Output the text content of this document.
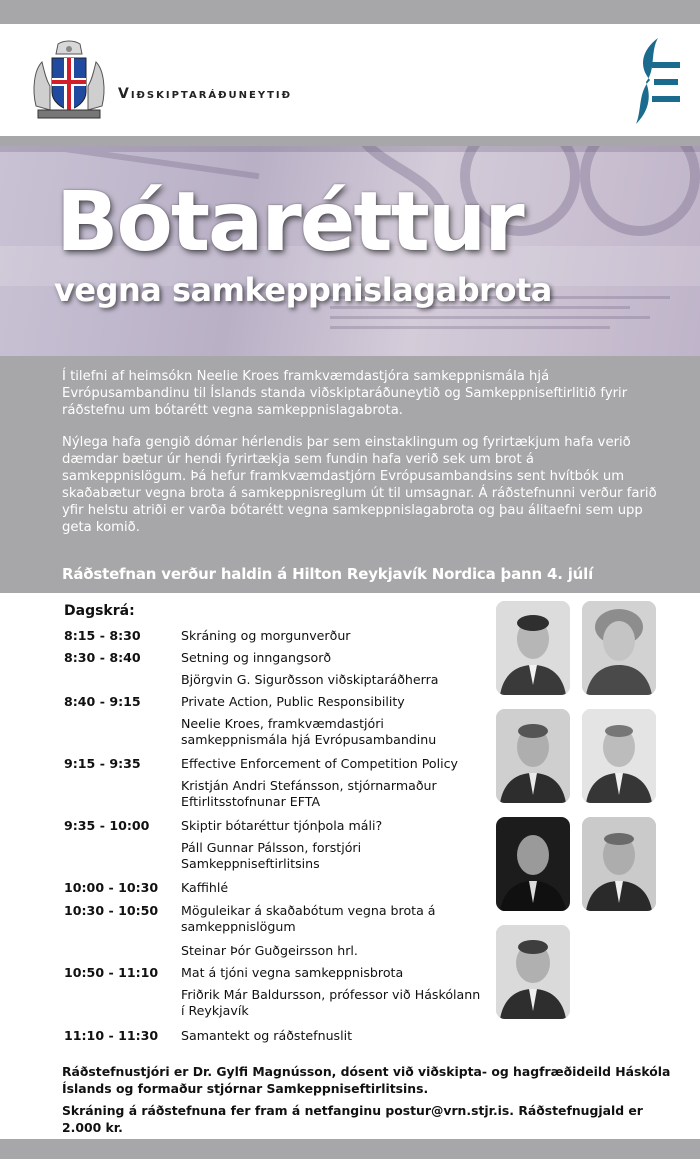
Viðskiptaráðuneytið
Bótaréttur
vegna samkeppnislagabrota

Í tilefni af heimsókn Neelie Kroes framkvæmdastjóra samkeppnismála hjá Evrópusambandinu til Íslands standa viðskiptaráðuneytið og Samkeppniseftirlitið fyrir ráðstefnu um bótarétt vegna samkeppnislagabrota.

Nýlega hafa gengið dómar hérlendis þar sem einstaklingum og fyrirtækjum hafa verið dæmdar bætur úr hendi fyrirtækja sem fundin hafa verið sek um brot á samkeppnislögum. Þá hefur framkvæmdastjórn Evrópusambandsins sent hvítbók um skaðabætur vegna brota á samkeppnisreglum út til umsagnar. Á ráðstefnunni verður farið yfir helstu atriði er varða bótarétt vegna samkeppnislagabrota og þau álitaefni sem upp geta komið.

Ráðstefnan verður haldin á Hilton Reykjavík Nordica þann 4. júlí
Dagskrá:
8:15 - 8:30	Skráning og morgunverður
8:30 - 8:40	Setning og inngangsorð
Björgvin G. Sigurðsson viðskiptaráðherra
8:40 - 9:15	Private Action, Public Responsibility
Neelie Kroes, framkvæmdastjóri samkeppnismála hjá Evrópusambandinu
9:15 - 9:35	Effective Enforcement of Competition Policy
Kristján Andri Stefánsson, stjórnarmaður Eftirlitsstofnunar EFTA
9:35 - 10:00	Skiptir bótaréttur tjónþola máli?
Páll Gunnar Pálsson, forstjóri Samkeppniseftirlitsins
10:00 - 10:30 Kaffihlé
10:30 - 10:50 Möguleikar á skaðabótum vegna brota á samkeppnislögum
Steinar Þór Guðgeirsson hrl.
10:50 - 11:10 Mat á tjóni vegna samkeppnisbrota
Friðrik Már Baldursson, prófessor við Háskólann í Reykjavík
11:10 - 11:30 Samantekt og ráðstefnuslit

Ráðstefnustjóri er Dr. Gylfi Magnússon, dósent við viðskipta- og hagfræðideild Háskóla Íslands og formaður stjórnar Samkeppniseftirlitsins.

Skráning á ráðstefnuna fer fram á netfanginu postur@vrn.stjr.is. Ráðstefnugjald er 2.000 kr.
